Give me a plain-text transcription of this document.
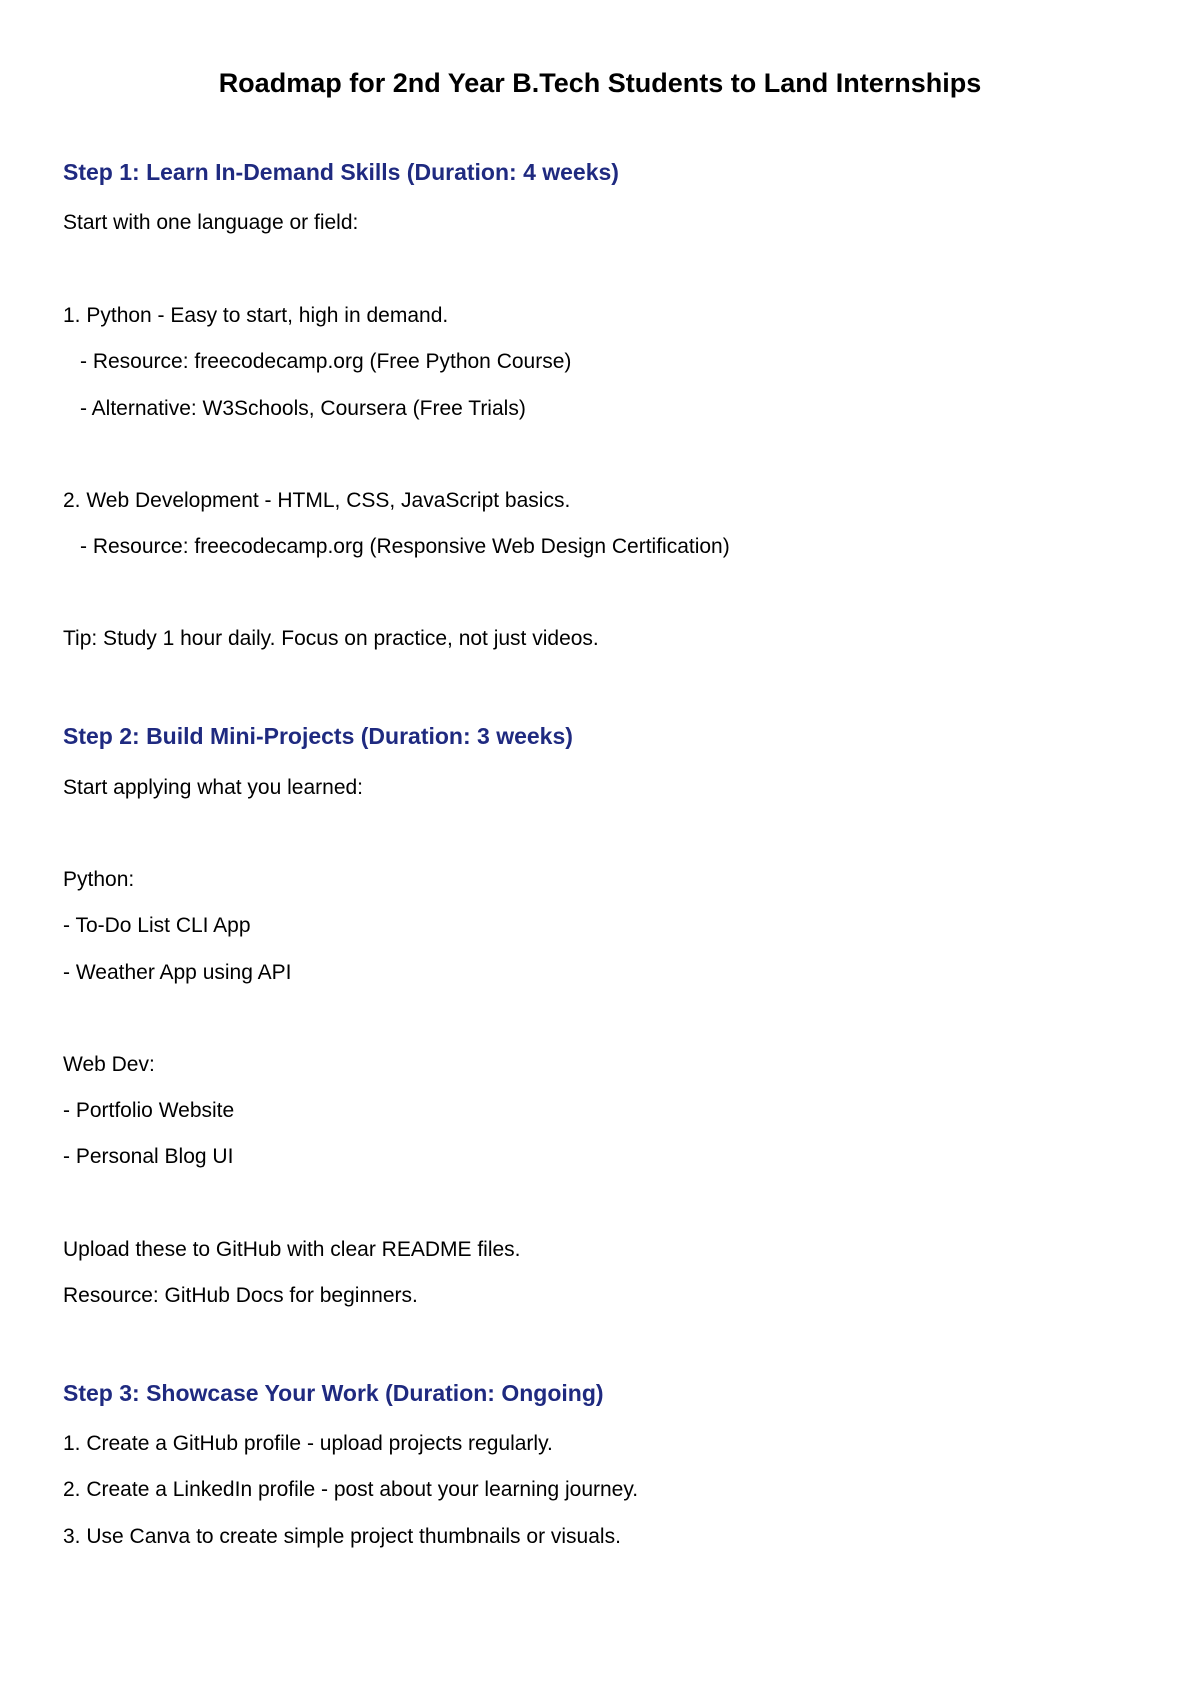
Roadmap for 2nd Year B.Tech Students to Land Internships
Step 1: Learn In-Demand Skills (Duration: 4 weeks)

Start with one language or field:

1. Python - Easy to start, high in demand.

- Resource: freecodecamp.org (Free Python Course)

- Alternative: W3Schools, Coursera (Free Trials)

2. Web Development - HTML, CSS, JavaScript basics.

- Resource: freecodecamp.org (Responsive Web Design Certification)

Tip: Study 1 hour daily. Focus on practice, not just videos.

Step 2: Build Mini-Projects (Duration: 3 weeks)

Start applying what you learned:

Python:

- To-Do List CLI App

- Weather App using API

Web Dev:

- Portfolio Website

- Personal Blog UI

Upload these to GitHub with clear README files.

Resource: GitHub Docs for beginners.

Step 3: Showcase Your Work (Duration: Ongoing)

1. Create a GitHub profile - upload projects regularly.

2. Create a LinkedIn profile - post about your learning journey.

3. Use Canva to create simple project thumbnails or visuals.
